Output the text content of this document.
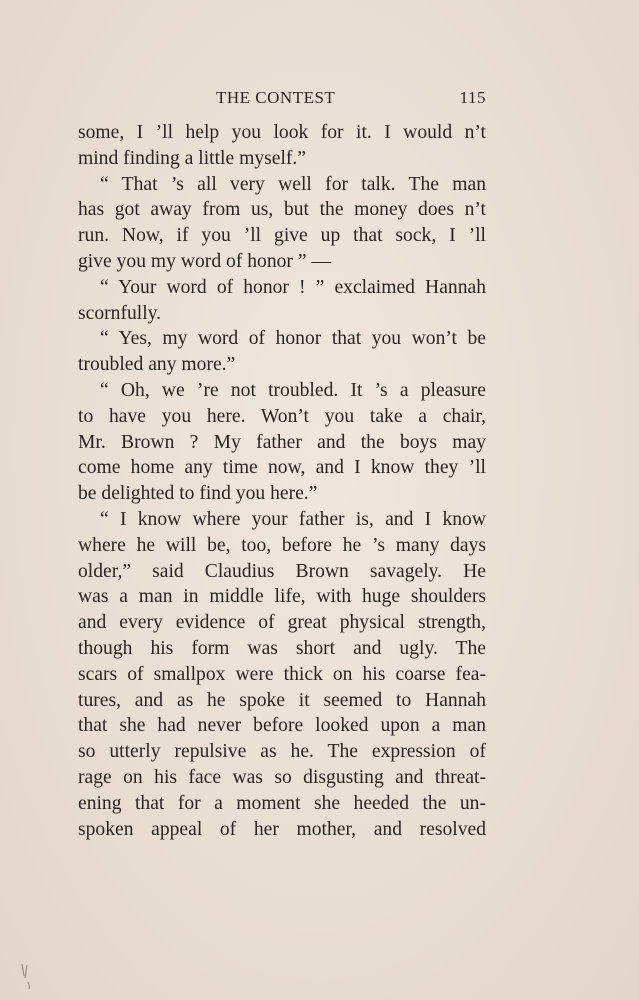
THE CONTEST	115
some, I ’ll help you look for it. I would n’t
mind finding a little myself.”
“ That ’s all very well for talk. The man
has got away from us, but the money does n’t
run. Now, if you ’ll give up that sock, I ’ll
give you my word of honor ” —
“ Your word of honor ! ” exclaimed Hannah
scornfully.
“ Yes, my word of honor that you won’t be
troubled any more.”
“ Oh, we ’re not troubled. It ’s a pleasure
to have you here. Won’t you take a chair,
Mr. Brown ? My father and the boys may
come home any time now, and I know they ’ll
be delighted to find you here.”
“ I know where your father is, and I know
where he will be, too, before he ’s many days
older,” said Claudius Brown savagely. He
was a man in middle life, with huge shoulders
and every evidence of great physical strength,
though his form was short and ugly. The
scars of smallpox were thick on his coarse fea-
tures, and as he spoke it seemed to Hannah
that she had never before looked upon a man
so utterly repulsive as he. The expression of
rage on his face was so disgusting and threat-
ening that for a moment she heeded the un-
spoken appeal of her mother, and resolved
